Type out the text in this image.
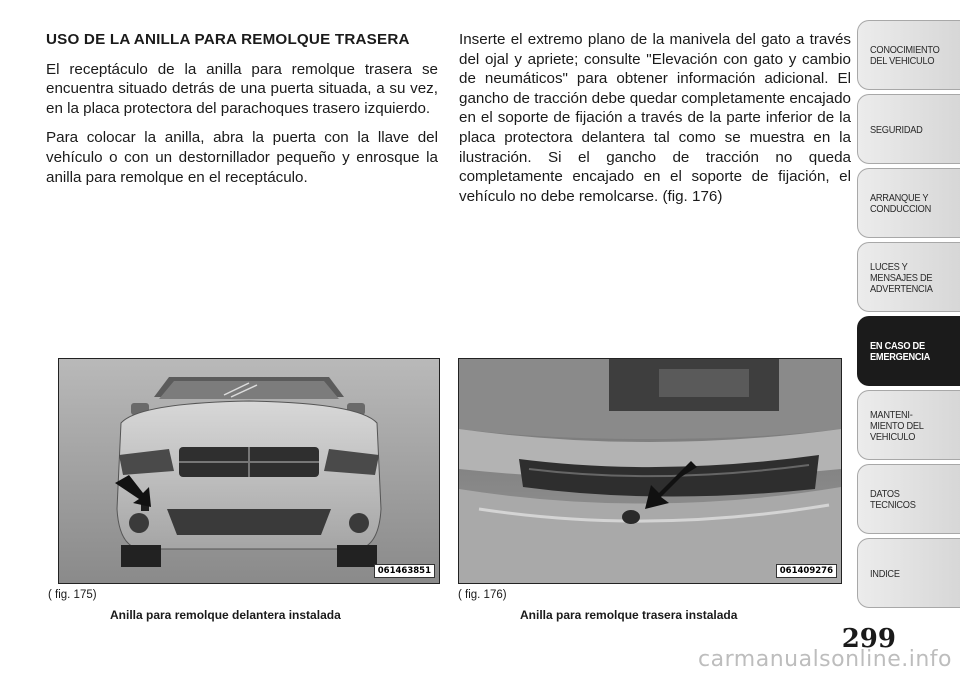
USO DE LA ANILLA PARA REMOLQUE TRASERA

El receptáculo de la anilla para remolque trasera se encuentra situado detrás de una puerta situada, a su vez, en la placa protectora del parachoques trasero izquierdo.

Para colocar la anilla, abra la puerta con la llave del vehículo o con un destornillador pequeño y enrosque la anilla para remolque en el receptáculo.

Inserte el extremo plano de la manivela del gato a través del ojal y apriete; consulte "Elevación con gato y cambio de neumáticos" para obtener información adicional. El gancho de tracción debe quedar completamente encajado en el soporte de fijación a través de la parte inferior de la placa protectora delantera tal como se muestra en la ilustración. Si el gancho de tracción no queda completamente encajado en el soporte de fijación, el vehículo no debe remolcarse. (fig. 176)

061463851	061409276
( fig. 175)
Anilla para remolque delantera instalada
( fig. 176)
Anilla para remolque trasera instalada
CONOCIMIENTO
DEL VEHICULO
SEGURIDAD
ARRANQUE Y
CONDUCCION
LUCES Y
MENSAJES DE
ADVERTENCIA
EN CASO DE
EMERGENCIA
MANTENI-
MIENTO DEL
VEHICULO
DATOS
TECNICOS
INDICE
299
carmanualsonline.info
